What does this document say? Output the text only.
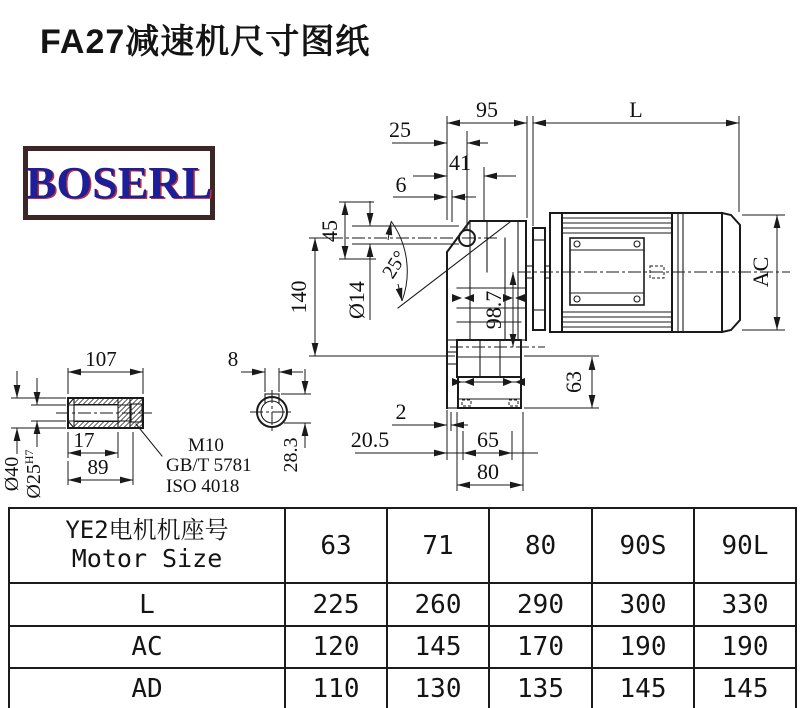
FA27减速机尺寸图纸
BOSERL
95	L
25
41
6
45
140 Ø14
25°
98.7
AC
63
2
20.5	65
80
107
17
89
Ø40 $Ø25^{H7}$
M10
GB/T 5781
ISO 4018
8
28.3
YE2电机机座号
Motor Size	63	71	80	90S	90L
L	225	260	290	300	330
AC	120	145	170	190	190
AD	110	130	135	145	145
